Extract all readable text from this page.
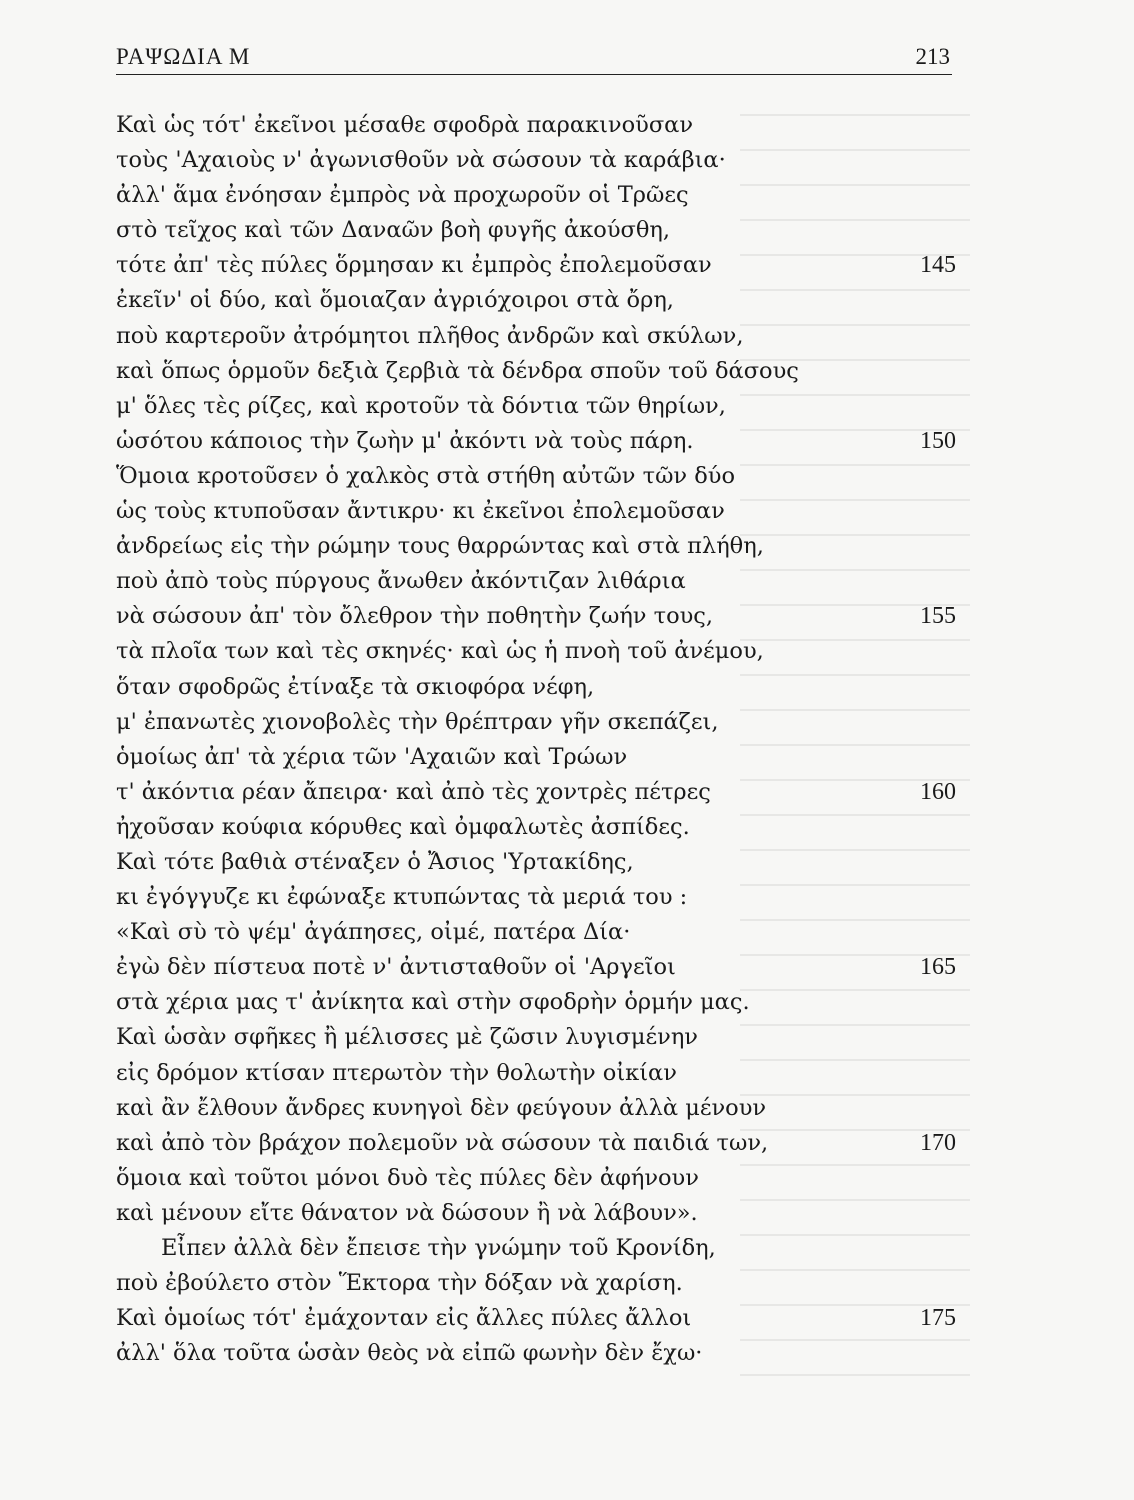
ΡΑΨΩΔΙΑ Μ	213
Καὶ ὡς τότ' ἐκεῖνοι μέσαθε σφοδρὰ παρακινοῦσαν
τοὺς 'Αχαιοὺς ν' ἀγωνισθοῦν νὰ σώσουν τὰ καράβια·
ἀλλ' ἅμα ἐνόησαν ἐμπρὸς νὰ προχωροῦν οἱ Τρῶες
στὸ τεῖχος καὶ τῶν Δαναῶν βοὴ φυγῆς ἀκούσθη,
τότε ἀπ' τὲς πύλες ὅρμησαν κι ἐμπρὸς ἐπολεμοῦσαν	145
ἐκεῖν' οἱ δύο, καὶ ὅμοιαζαν ἀγριόχοιροι στὰ ὄρη,
ποὺ καρτεροῦν ἀτρόμητοι πλῆθος ἀνδρῶν καὶ σκύλων,
καὶ ὅπως ὁρμοῦν δεξιὰ ζερβιὰ τὰ δένδρα σποῦν τοῦ δάσους
μ' ὅλες τὲς ρίζες, καὶ κροτοῦν τὰ δόντια τῶν θηρίων,
ὡσότου κάποιος τὴν ζωὴν μ' ἀκόντι νὰ τοὺς πάρη.	150
Ὅμοια κροτοῦσεν ὁ χαλκὸς στὰ στήθη αὐτῶν τῶν δύο
ὡς τοὺς κτυποῦσαν ἄντικρυ· κι ἐκεῖνοι ἐπολεμοῦσαν
ἀνδρείως εἰς τὴν ρώμην τους θαρρώντας καὶ στὰ πλήθη,
ποὺ ἀπὸ τοὺς πύργους ἄνωθεν ἀκόντιζαν λιθάρια
νὰ σώσουν ἀπ' τὸν ὄλεθρον τὴν ποθητὴν ζωήν τους,	155
τὰ πλοῖα των καὶ τὲς σκηνές· καὶ ὡς ἡ πνοὴ τοῦ ἀνέμου,
ὅταν σφοδρῶς ἐτίναξε τὰ σκιοφόρα νέφη,
μ' ἐπανωτὲς χιονοβολὲς τὴν θρέπτραν γῆν σκεπάζει,
ὁμοίως ἀπ' τὰ χέρια τῶν 'Αχαιῶν καὶ Τρώων
τ' ἀκόντια ρέαν ἄπειρα· καὶ ἀπὸ τὲς χοντρὲς πέτρες	160
ἠχοῦσαν κούφια κόρυθες καὶ ὀμφαλωτὲς ἀσπίδες.
Καὶ τότε βαθιὰ στέναξεν ὁ Ἄσιος 'Υρτακίδης,
κι ἐγόγγυζε κι ἐφώναξε κτυπώντας τὰ μεριά του :
«Καὶ σὺ τὸ ψέμ' ἀγάπησες, οἰμέ, πατέρα Δία·
ἐγὼ δὲν πίστευα ποτὲ ν' ἀντισταθοῦν οἱ 'Αργεῖοι	165
στὰ χέρια μας τ' ἀνίκητα καὶ στὴν σφοδρὴν ὁρμήν μας.
Καὶ ὡσὰν σφῆκες ἢ μέλισσες μὲ ζῶσιν λυγισμένην
εἰς δρόμον κτίσαν πτερωτὸν τὴν θολωτὴν οἰκίαν
καὶ ἂν ἔλθουν ἄνδρες κυνηγοὶ δὲν φεύγουν ἀλλὰ μένουν
καὶ ἀπὸ τὸν βράχον πολεμοῦν νὰ σώσουν τὰ παιδιά των,	170
ὅμοια καὶ τοῦτοι μόνοι δυὸ τὲς πύλες δὲν ἀφήνουν
καὶ μένουν εἴτε θάνατον νὰ δώσουν ἢ νὰ λάβουν».
Εἶπεν ἀλλὰ δὲν ἔπεισε τὴν γνώμην τοῦ Κρονίδη,
ποὺ ἐβούλετο στὸν Ἕκτορα τὴν δόξαν νὰ χαρίση.
Καὶ ὁμοίως τότ' ἐμάχονταν εἰς ἄλλες πύλες ἄλλοι	175
ἀλλ' ὅλα τοῦτα ὡσὰν θεὸς νὰ εἰπῶ φωνὴν δὲν ἔχω·
